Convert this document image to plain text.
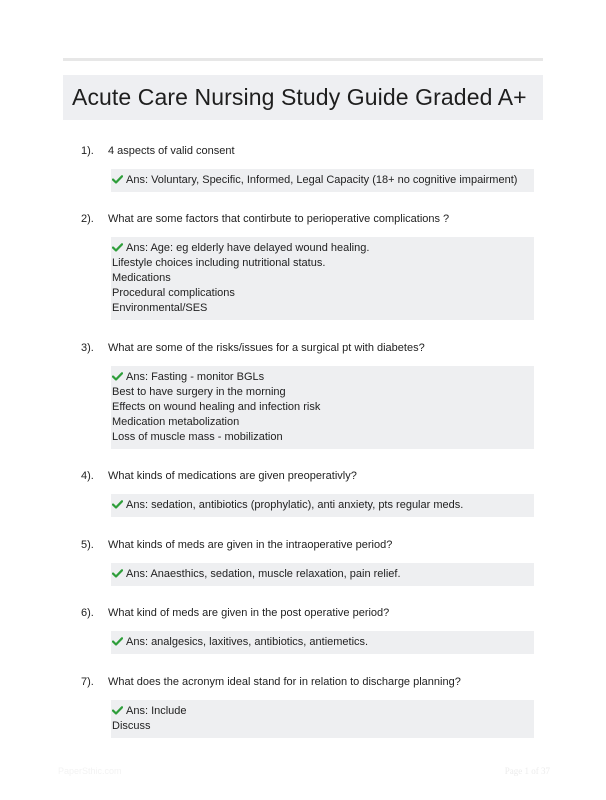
Acute Care Nursing Study Guide Graded A+
1). 4 aspects of valid consent
Ans: Voluntary, Specific, Informed, Legal Capacity (18+ no cognitive impairment)
2). What are some factors that contirbute to perioperative complications ?
Ans: Age: eg elderly have delayed wound healing.
Lifestyle choices including nutritional status.
Medications
Procedural complications
Environmental/SES
3). What are some of the risks/issues for a surgical pt with diabetes?
Ans: Fasting - monitor BGLs
Best to have surgery in the morning
Effects on wound healing and infection risk
Medication metabolization
Loss of muscle mass - mobilization
4). What kinds of medications are given preoperativly?
Ans: sedation, antibiotics (prophylatic), anti anxiety, pts regular meds.
5). What kinds of meds are given in the intraoperative period?
Ans: Anaesthics, sedation, muscle relaxation, pain relief.
6). What kind of meds are given in the post operative period?
Ans: analgesics, laxitives, antibiotics, antiemetics.
7). What does the acronym ideal stand for in relation to discharge planning?
Ans: Include
Discuss
PaperSthic.com	Page 1 of 37
